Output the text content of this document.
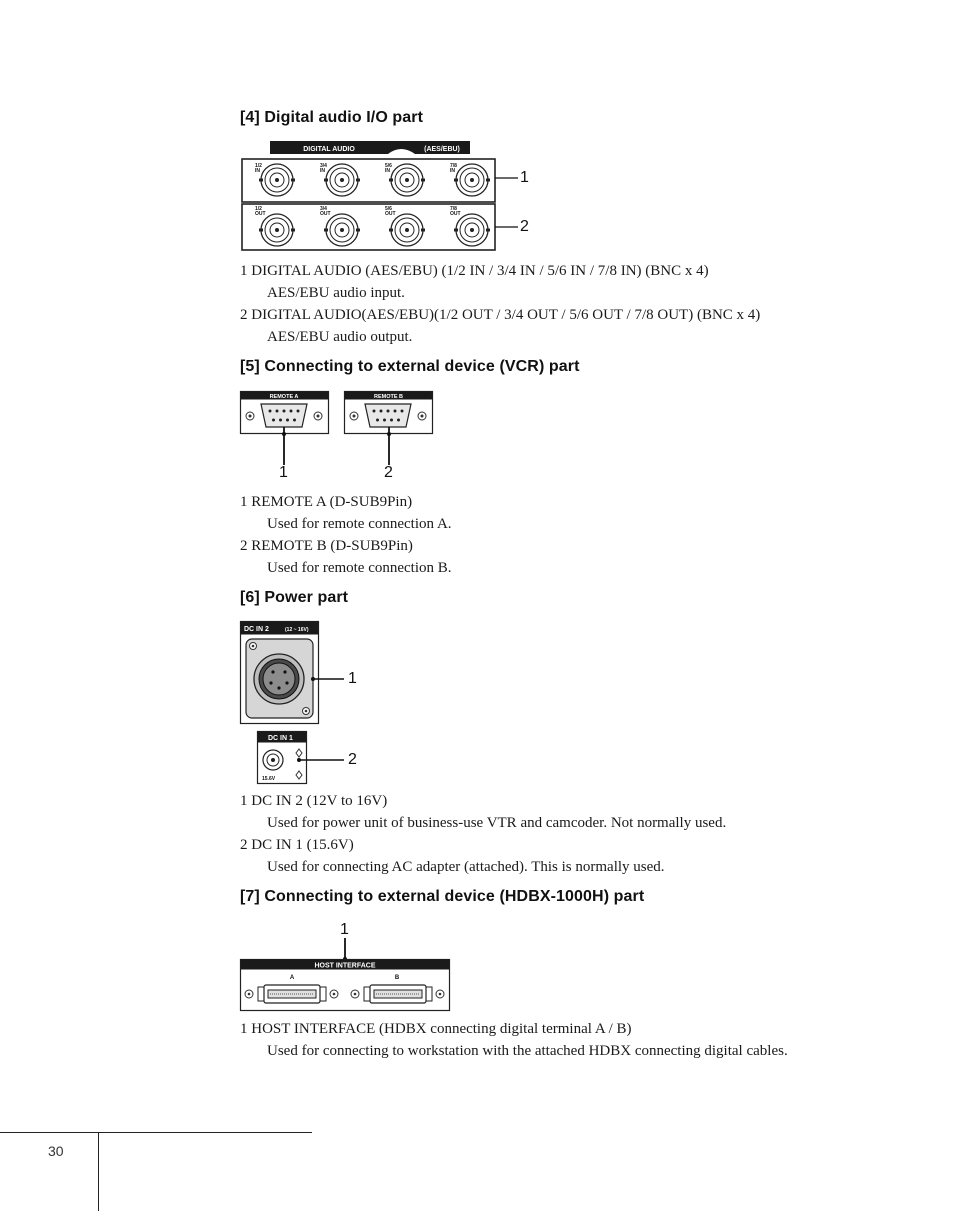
[4] Digital audio I/O part
DIGITAL AUDIO	(AES/EBU)
1/2 IN
3/4 IN
5/6 IN
7/8 IN
1/2 OUT
3/4 OUT
5/6 OUT
7/8 OUT
1
2
1 DIGITAL AUDIO (AES/EBU) (1/2 IN / 3/4 IN / 5/6 IN / 7/8 IN) (BNC x 4)
AES/EBU audio input.
2 DIGITAL AUDIO(AES/EBU)(1/2 OUT / 3/4 OUT / 5/6 OUT / 7/8 OUT) (BNC x 4)
AES/EBU audio output.
[5] Connecting to external device (VCR) part
REMOTE A	REMOTE B
1	2
1 REMOTE A (D-SUB9Pin)
Used for remote connection A.
2 REMOTE B (D-SUB9Pin)
Used for remote connection B.
[6] Power part
DC IN 2	(12 ~ 16V)
DC IN 1
15.6V
1
2
1 DC IN 2 (12V to 16V)
Used for power unit of business-use VTR and camcoder. Not normally used.
2 DC IN 1 (15.6V)
Used for connecting AC adapter (attached). This is normally used.
[7] Connecting to external device (HDBX-1000H) part
1
HOST INTERFACE
A	B
1 HOST INTERFACE (HDBX connecting digital terminal A / B)
Used for connecting to workstation with the attached HDBX connecting digital cables.
30
